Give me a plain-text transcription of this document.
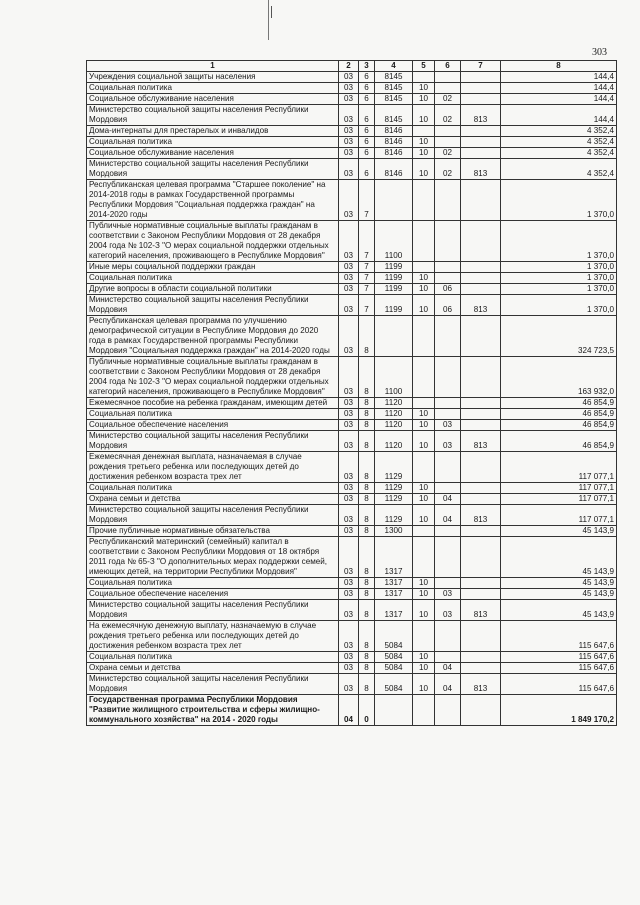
303
1	2	3	4	5	6	7	8
Учреждения социальной защиты населения	03	6	8145				144,4
Социальная политика	03	6	8145	10			144,4
Социальное обслуживание населения	03	6	8145	10	02		144,4
Министерство социальной защиты населения Республики Мордовия	03	6	8145	10	02	813	144,4
Дома-интернаты для престарелых и инвалидов	03	6	8146				4 352,4
Социальная политика	03	6	8146	10			4 352,4
Социальное обслуживание населения	03	6	8146	10	02		4 352,4
Министерство социальной защиты населения Республики Мордовия	03	6	8146	10	02	813	4 352,4
Республиканская целевая программа "Старшее поколение" на 2014-2018 годы в рамках Государственной программы Республики Мордовия "Социальная поддержка граждан" на 2014-2020 годы	03	7					1 370,0
Публичные нормативные социальные выплаты гражданам в соответствии с Законом Республики Мордовия от 28 декабря 2004 года № 102-З "О мерах социальной поддержки отдельных категорий населения, проживающего в Республике Мордовия"	03	7	1100				1 370,0
Иные меры социальной поддержки граждан	03	7	1199				1 370,0
Социальная политика	03	7	1199	10			1 370,0
Другие вопросы в области социальной политики	03	7	1199	10	06		1 370,0
Министерство социальной защиты населения Республики Мордовия	03	7	1199	10	06	813	1 370,0
Республиканская целевая программа по улучшению демографической ситуации в Республике Мордовия до 2020 года в рамках Государственной программы Республики Мордовия "Социальная поддержка граждан" на 2014-2020 годы	03	8					324 723,5
Публичные нормативные социальные выплаты гражданам в соответствии с Законом Республики Мордовия от 28 декабря 2004 года № 102-З "О мерах социальной поддержки отдельных категорий населения, проживающего в Республике Мордовия"	03	8	1100				163 932,0
Ежемесячное пособие на ребенка гражданам, имеющим детей	03	8	1120				46 854,9
Социальная политика	03	8	1120	10			46 854,9
Социальное обеспечение населения	03	8	1120	10	03		46 854,9
Министерство социальной защиты населения Республики Мордовия	03	8	1120	10	03	813	46 854,9
Ежемесячная денежная выплата, назначаемая в случае рождения третьего ребенка или последующих детей до достижения ребенком возраста трех лет	03	8	1129				117 077,1
Социальная политика	03	8	1129	10			117 077,1
Охрана семьи и детства	03	8	1129	10	04		117 077,1
Министерство социальной защиты населения Республики Мордовия	03	8	1129	10	04	813	117 077,1
Прочие публичные нормативные обязательства	03	8	1300				45 143,9
Республиканский материнский (семейный) капитал в соответствии с Законом Республики Мордовия от 18 октября 2011 года № 65-З "О дополнительных мерах поддержки семей, имеющих детей, на территории Республики Мордовия"	03	8	1317				45 143,9
Социальная политика	03	8	1317	10			45 143,9
Социальное обеспечение населения	03	8	1317	10	03		45 143,9
Министерство социальной защиты населения Республики Мордовия	03	8	1317	10	03	813	45 143,9
На ежемесячную денежную выплату, назначаемую в случае рождения третьего ребенка или последующих детей до достижения ребенком возраста трех лет	03	8	5084				115 647,6
Социальная политика	03	8	5084	10			115 647,6
Охрана семьи и детства	03	8	5084	10	04		115 647,6
Министерство социальной защиты населения Республики Мордовия	03	8	5084	10	04	813	115 647,6
Государственная программа Республики Мордовия "Развитие жилищного строительства и сферы жилищно-коммунального хозяйства" на 2014 - 2020 годы	04	0					1 849 170,2
